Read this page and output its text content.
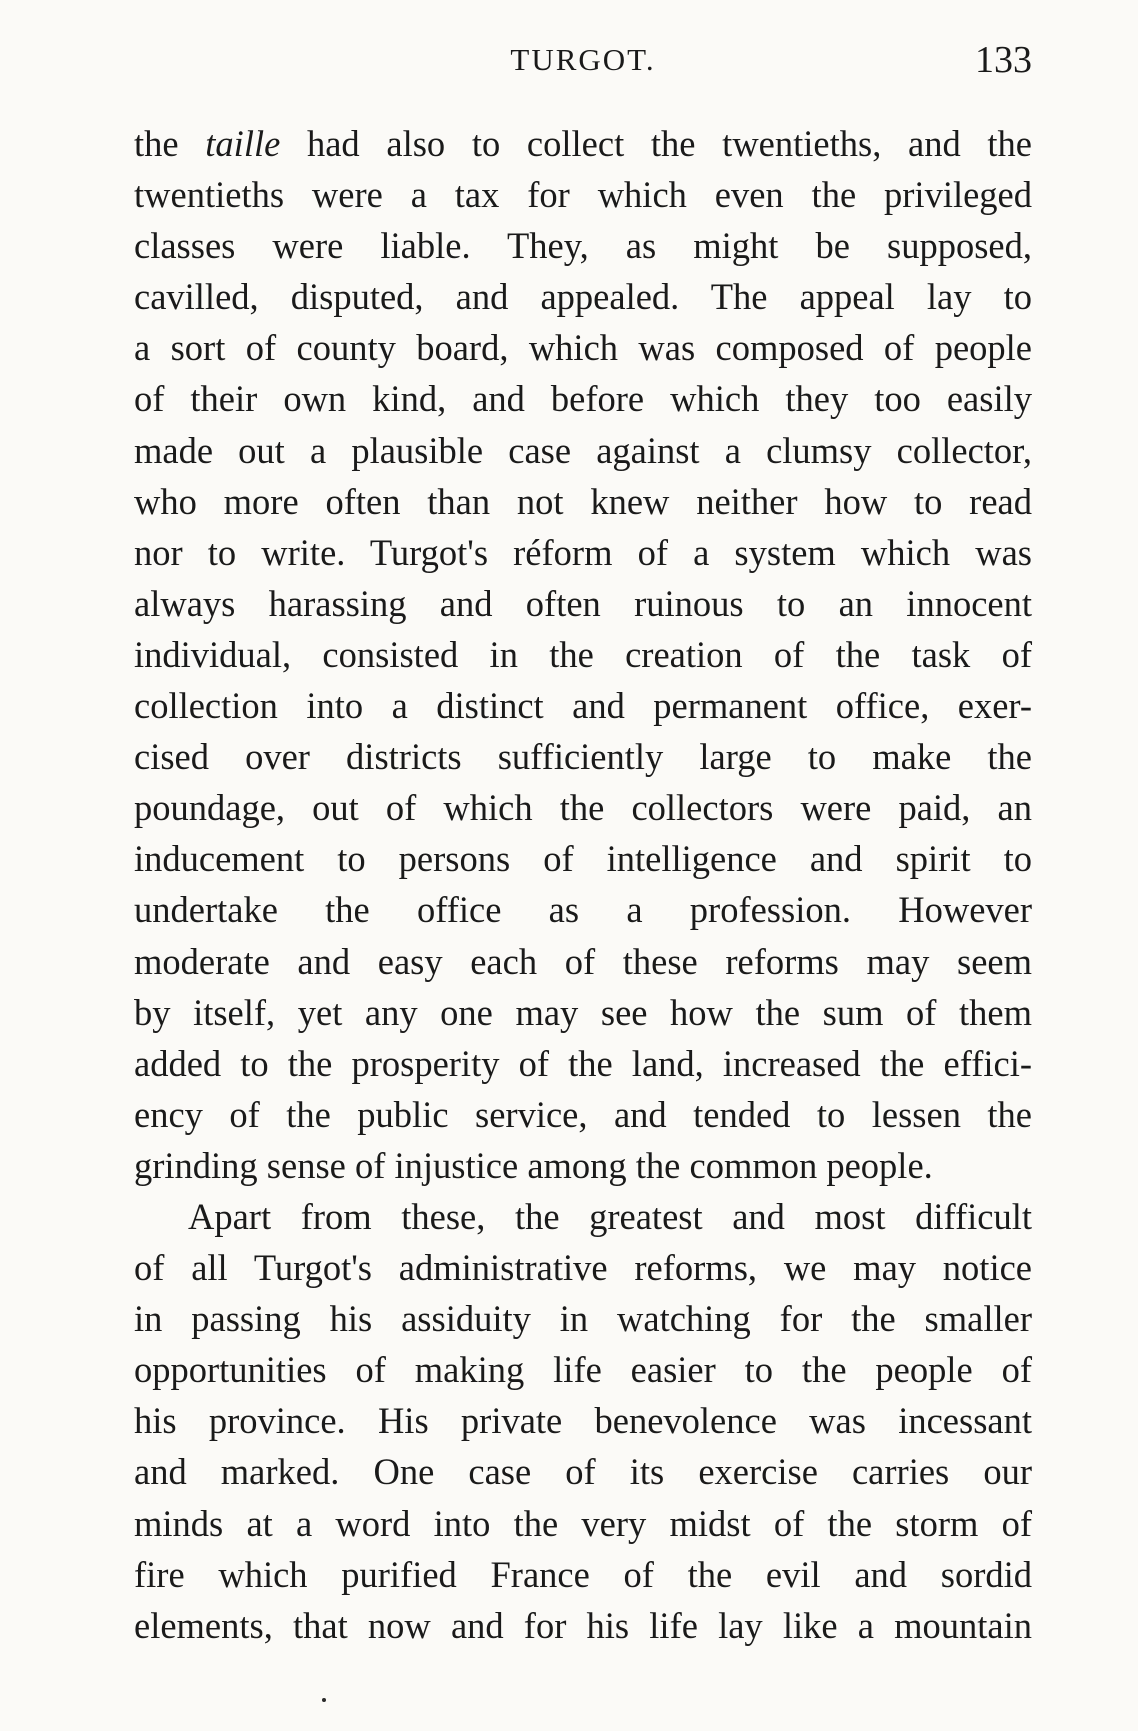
TURGOT.	133
the taille had also to collect the twentieths, and the
twentieths were a tax for which even the privileged
classes were liable. They, as might be supposed,
cavilled, disputed, and appealed. The appeal lay to
a sort of county board, which was composed of people
of their own kind, and before which they too easily
made out a plausible case against a clumsy collector,
who more often than not knew neither how to read
nor to write. Turgot's réform of a system which was
always harassing and often ruinous to an innocent
individual, consisted in the creation of the task of
collection into a distinct and permanent office, exer-
cised over districts sufficiently large to make the
poundage, out of which the collectors were paid, an
inducement to persons of intelligence and spirit to
undertake the office as a profession. However
moderate and easy each of these reforms may seem
by itself, yet any one may see how the sum of them
added to the prosperity of the land, increased the effici-
ency of the public service, and tended to lessen the
grinding sense of injustice among the common people.
Apart from these, the greatest and most difficult
of all Turgot's administrative reforms, we may notice
in passing his assiduity in watching for the smaller
opportunities of making life easier to the people of
his province. His private benevolence was incessant
and marked. One case of its exercise carries our
minds at a word into the very midst of the storm of
fire which purified France of the evil and sordid
elements, that now and for his life lay like a mountain
